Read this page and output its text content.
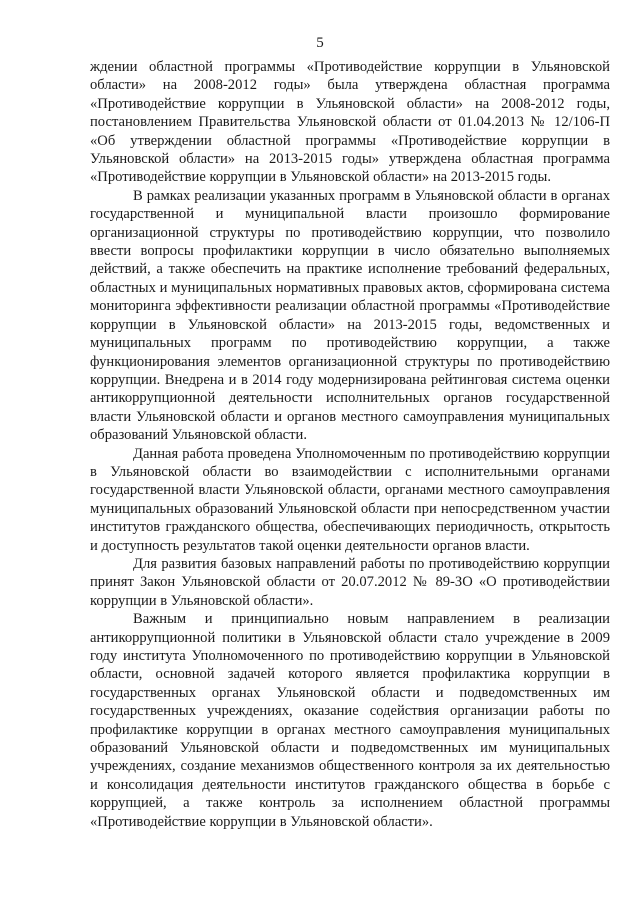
5

ждении областной программы «Противодействие коррупции в Ульяновской области» на 2008-2012 годы» была утверждена областная программа «Противодействие коррупции в Ульяновской области» на 2008-2012 годы, постановлением Правительства Ульяновской области от 01.04.2013 № 12/106-П «Об утверждении областной программы «Противодействие коррупции в Ульяновской области» на 2013-2015 годы» утверждена областная программа «Противодействие коррупции в Ульяновской области» на 2013-2015 годы.

В рамках реализации указанных программ в Ульяновской области в органах государственной и муниципальной власти произошло формирование организационной структуры по противодействию коррупции, что позволило ввести вопросы профилактики коррупции в число обязательно выполняемых действий, а также обеспечить на практике исполнение требований федеральных, областных и муниципальных нормативных правовых актов, сформирована система мониторинга эффективности реализации областной программы «Противодействие коррупции в Ульяновской области» на 2013-2015 годы, ведомственных и муниципальных программ по противодействию коррупции, а также функционирования элементов организационной структуры по противодействию коррупции. Внедрена и в 2014 году модернизирована рейтинговая система оценки антикоррупционной деятельности исполнительных органов государственной власти Ульяновской области и органов местного самоуправления муниципальных образований Ульяновской области.

Данная работа проведена Уполномоченным по противодействию коррупции в Ульяновской области во взаимодействии с исполнительными органами государственной власти Ульяновской области, органами местного самоуправления муниципальных образований Ульяновской области при непосредственном участии институтов гражданского общества, обеспечивающих периодичность, открытость и доступность результатов такой оценки деятельности органов власти.

Для развития базовых направлений работы по противодействию коррупции принят Закон Ульяновской области от 20.07.2012 № 89-ЗО «О противодействии коррупции в Ульяновской области».

Важным и принципиально новым направлением в реализации антикоррупционной политики в Ульяновской области стало учреждение в 2009 году института Уполномоченного по противодействию коррупции в Ульяновской области, основной задачей которого является профилактика коррупции в государственных органах Ульяновской области и подведомственных им государственных учреждениях, оказание содействия организации работы по профилактике коррупции в органах местного самоуправления муниципальных образований Ульяновской области и подведомственных им муниципальных учреждениях, создание механизмов общественного контроля за их деятельностью и консолидация деятельности институтов гражданского общества в борьбе с коррупцией, а также контроль за исполнением областной программы «Противодействие коррупции в Ульяновской области».
